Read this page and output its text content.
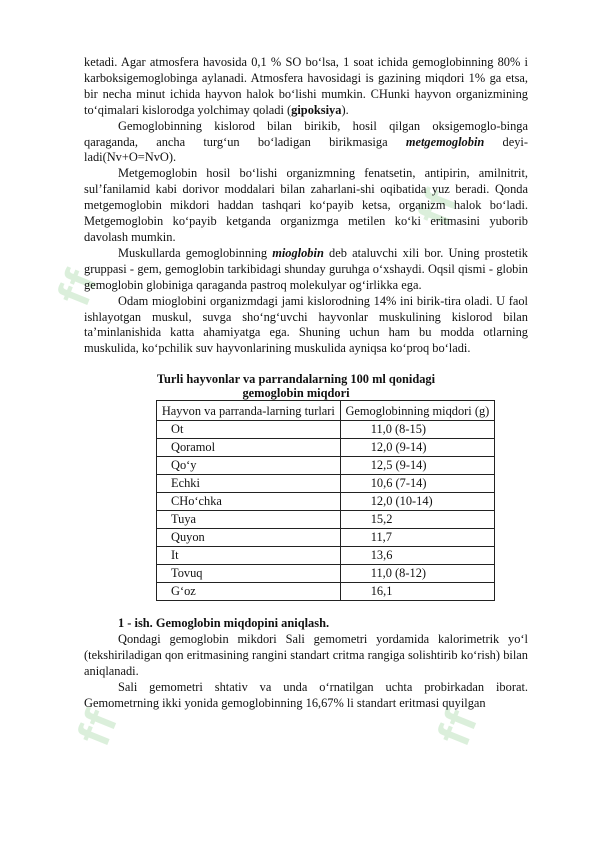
ff
ff
ff
ff

ketadi. Agar atmosfera havosida 0,1 % SO bo‘lsa, 1 soat ichida gemoglobinning 80% i karboksigemoglobinga aylanadi. Atmosfera havosidagi is gazining miqdori 1% ga etsa, bir necha minut ichida hayvon halok bo‘lishi mumkin. CHunki hayvon organizmining to‘qimalari kislorodga yolchimay qoladi (gipoksiya).

Gemoglobinning kislorod bilan birikib, hosil qilgan oksigemoglo-binga qaraganda, ancha turg‘un bo‘ladigan birikmasiga metgemoglobin deyi-ladi(Nv+O=NvO).

Metgemoglobin hosil bo‘lishi organizmning fenatsetin, antipirin, amilnitrit, sul’fanilamid kabi dorivor moddalari bilan zaharlani-shi oqibatida yuz beradi. Qonda metgemoglobin mikdori haddan tashqari ko‘payib ketsa, organizm halok bo‘ladi. Metgemoglobin ko‘payib ketganda organizmga metilen ko‘ki eritmasini yuborib davolash mumkin.

Muskullarda gemoglobinning mioglobin deb ataluvchi xili bor. Uning prostetik gruppasi - gem, gemoglobin tarkibidagi shunday guruhga o‘xshaydi. Oqsil qismi - globin gemoglobin globiniga qaraganda pastroq molekulyar og‘irlikka ega.

Odam mioglobini organizmdagi jami kislorodning 14% ini birik-tira oladi. U faol ishlayotgan muskul, suvga sho‘ng‘uvchi hayvonlar muskulining kislorod bilan ta’minlanishida katta ahamiyatga ega. Shuning uchun ham bu modda otlarning muskulida, ko‘pchilik suv hayvonlarining muskulida ayniqsa ko‘proq bo‘ladi.

Turli hayvonlar va parrandalarning 100 ml qonidagi
gemoglobin miqdori
Hayvon va parranda-larning turlari	Gemoglobinning miqdori (g)
Ot	11,0 (8-15)
Qoramol	12,0 (9-14)
Qo‘y	12,5 (9-14)
Echki	10,6 (7-14)
CHo‘chka	12,0 (10-14)
Tuya	15,2
Quyon	11,7
It	13,6
Tovuq	11,0 (8-12)
G‘oz	16,1

1 - ish. Gemoglobin miqdopini aniqlash.

Qondagi gemoglobin mikdori Sali gemometri yordamida kalorimetrik yo‘l (tekshiriladigan qon eritmasining rangini standart critma rangiga solishtirib ko‘rish) bilan aniqlanadi.

Sali gemometri shtativ va unda o‘rnatilgan uchta probirkadan iborat. Gemometrning ikki yonida gemoglobinning 16,67% li standart eritmasi quyilgan
